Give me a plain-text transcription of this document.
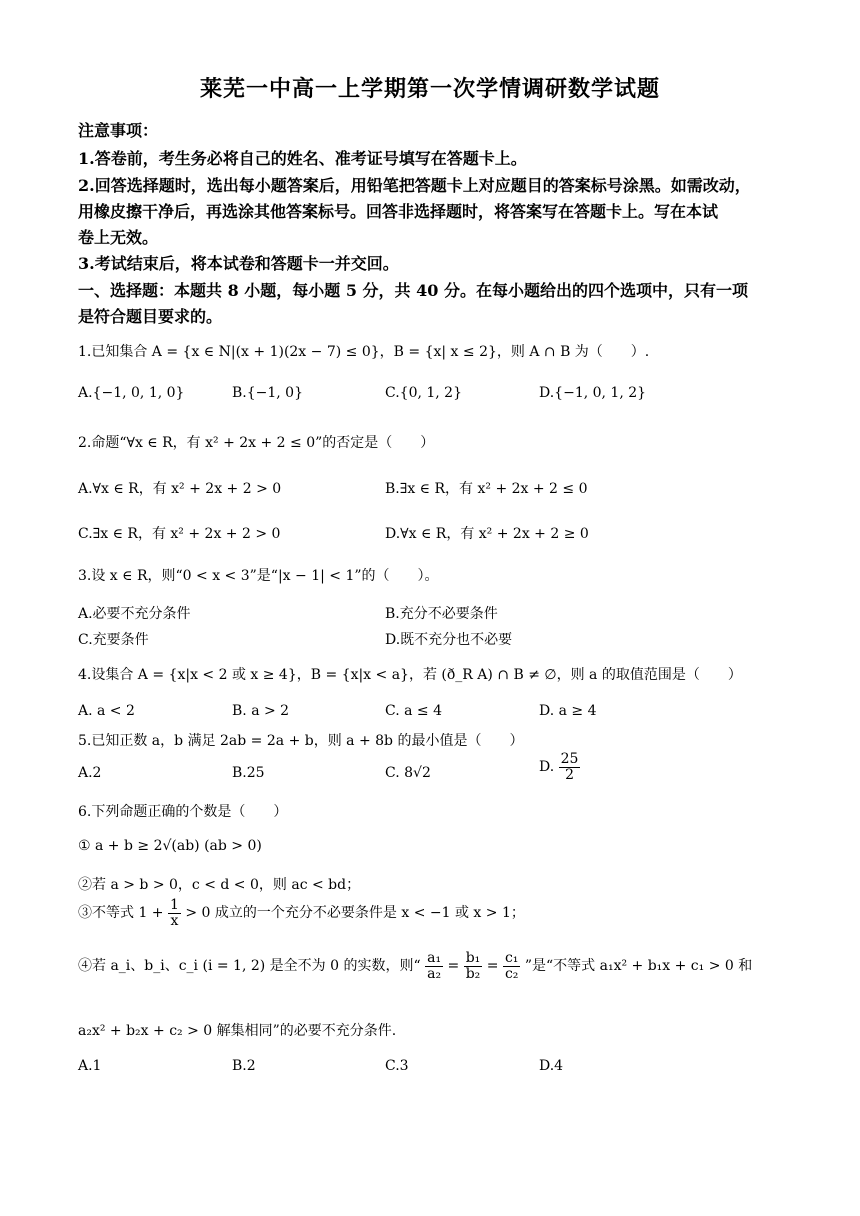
莱芜一中高一上学期第一次学情调研数学试题
注意事项：
1.答卷前，考生务必将自己的姓名、准考证号填写在答题卡上。
2.回答选择题时，选出每小题答案后，用铅笔把答题卡上对应题目的答案标号涂黑。如需改动，
用橡皮擦干净后，再选涂其他答案标号。回答非选择题时，将答案写在答题卡上。写在本试
卷上无效。
3.考试结束后，将本试卷和答题卡一并交回。
一、选择题：本题共 8 小题，每小题 5 分，共 40 分。在每小题给出的四个选项中，只有一项
是符合题目要求的。
1.已知集合 A = {x ∈ N|(x + 1)(2x − 7) ≤ 0}，B = {x| x ≤ 2}，则 A ∩ B 为（　　）.
A.{−1, 0, 1, 0}	B.{−1, 0}	C.{0, 1, 2}	D.{−1, 0, 1, 2}
2.命题“∀x ∈ R，有 x² + 2x + 2 ≤ 0”的否定是（　　）
A.∀x ∈ R，有 x² + 2x + 2 > 0	B.∃x ∈ R，有 x² + 2x + 2 ≤ 0
C.∃x ∈ R，有 x² + 2x + 2 > 0	D.∀x ∈ R，有 x² + 2x + 2 ≥ 0
3.设 x ∈ R，则“0 < x < 3”是“|x − 1| < 1”的（　　）。
A.必要不充分条件	B.充分不必要条件
C.充要条件	D.既不充分也不必要
4.设集合 A = {x|x < 2 或 x ≥ 4}，B = {x|x < a}，若 (ð_R A) ∩ B ≠ ∅，则 a 的取值范围是（　　）
A. a < 2	B. a > 2	C. a ≤ 4	D. a ≥ 4
5.已知正数 a，b 满足 2ab = 2a + b，则 a + 8b 的最小值是（　　）
A.2	B.25	C. 8√2	D. $\frac{25}{2}$
6.下列命题正确的个数是（　　）
① a + b ≥ 2√(ab) (ab > 0)
②若 a > b > 0，c < d < 0，则 ac < bd；
③不等式 $1 + \frac{1}{x} > 0$ 成立的一个充分不必要条件是 x < −1 或 x > 1；
④若 a_i、b_i、c_i (i = 1, 2) 是全不为 0 的实数，则“ $\frac{\text{a₁}}{\text{a₂}} = \frac{\text{b₁}}{\text{b₂}} = \frac{\text{c₁}}{\text{c₂}}$ ”是“不等式 a₁x² + b₁x + c₁ > 0 和
a₂x² + b₂x + c₂ > 0 解集相同”的必要不充分条件.
A.1	B.2	C.3	D.4
